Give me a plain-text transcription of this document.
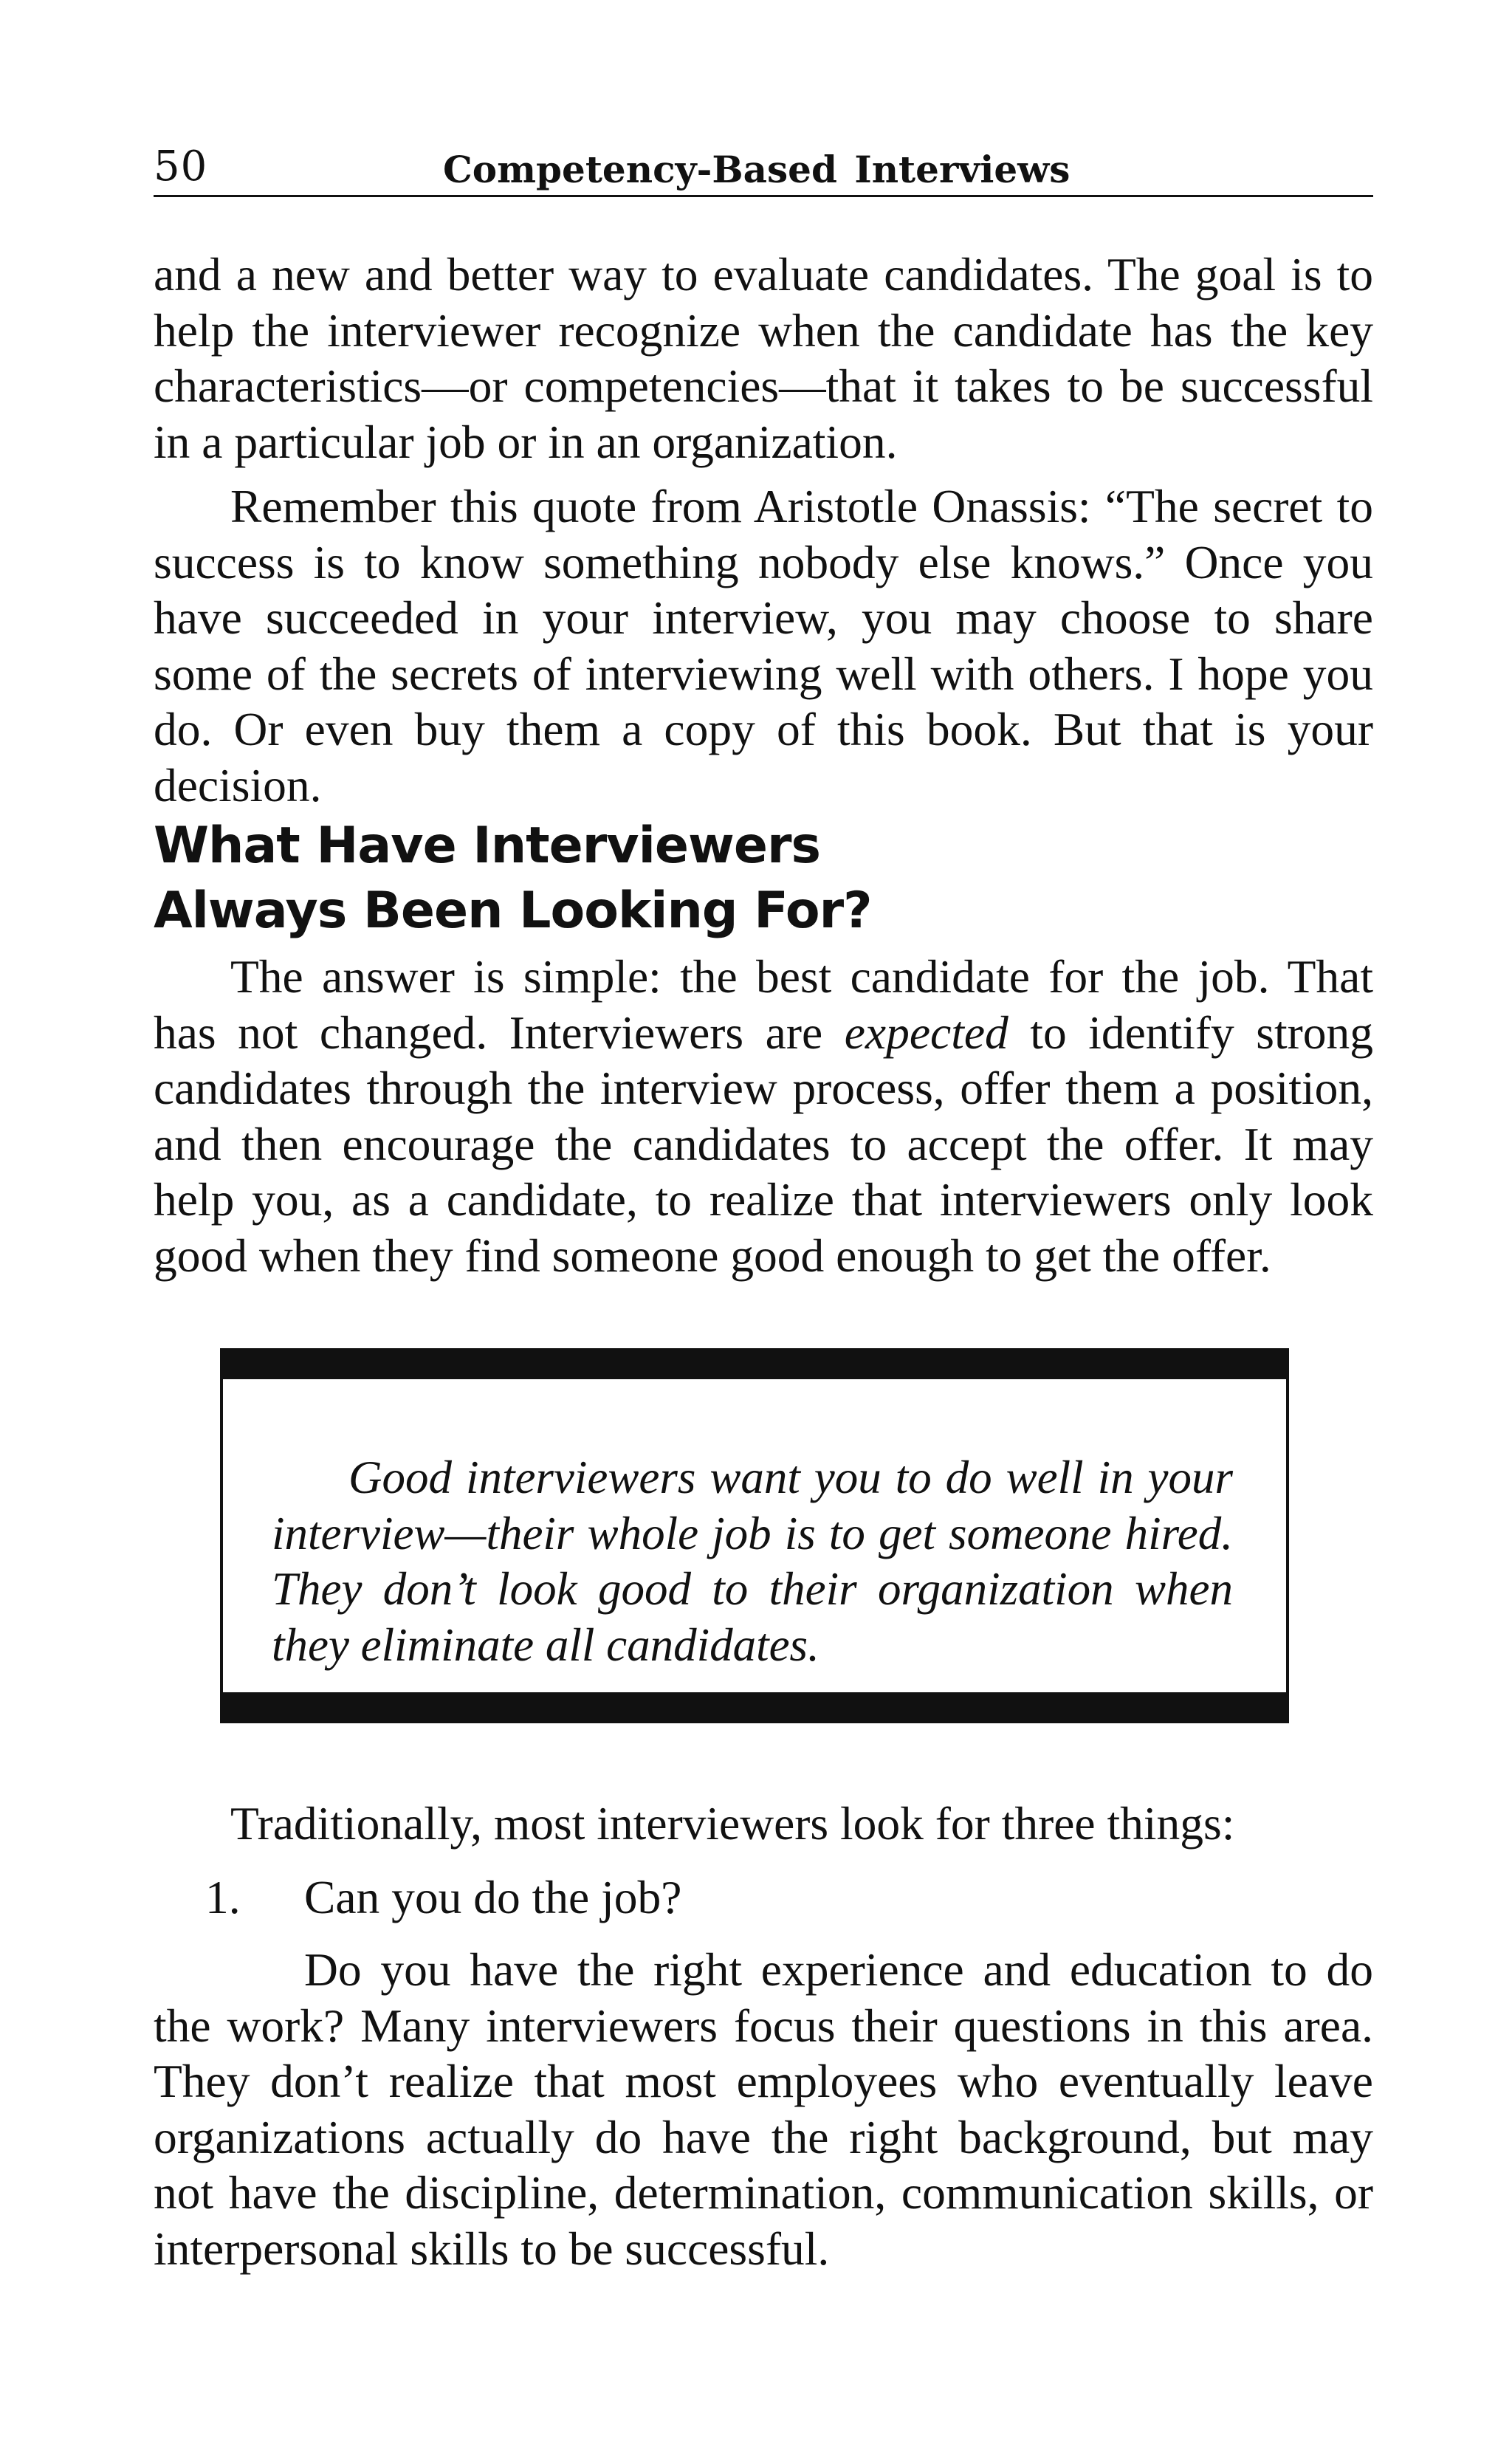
50	Competency-Based Interviews

and a new and better way to evaluate candidates. The goal is to help the interviewer recognize when the candidate has the key characteristics—or competencies—that it takes to be successful in a particular job or in an organization.

Remember this quote from Aristotle Onassis: “The secret to success is to know something nobody else knows.” Once you have succeeded in your interview, you may choose to share some of the secrets of interviewing well with others. I hope you do. Or even buy them a copy of this book. But that is your decision.

What Have Interviewers
Always Been Looking For?

The answer is simple: the best candidate for the job. That has not changed. Interviewers are expected to identify strong candidates through the interview process, offer them a position, and then encourage the candidates to accept the offer. It may help you, as a candidate, to realize that interviewers only look good when they find someone good enough to get the offer.

Good interviewers want you to do well in your interview—their whole job is to get someone hired. They don’t look good to their organization when they eliminate all candidates.

Traditionally, most interviewers look for three things:

1. Can you do the job?

Do you have the right experience and education to do the work? Many interviewers focus their questions in this area. They don’t realize that most employees who eventually leave organizations actually do have the right background, but may not have the discipline, determination, communication skills, or interpersonal skills to be successful.
